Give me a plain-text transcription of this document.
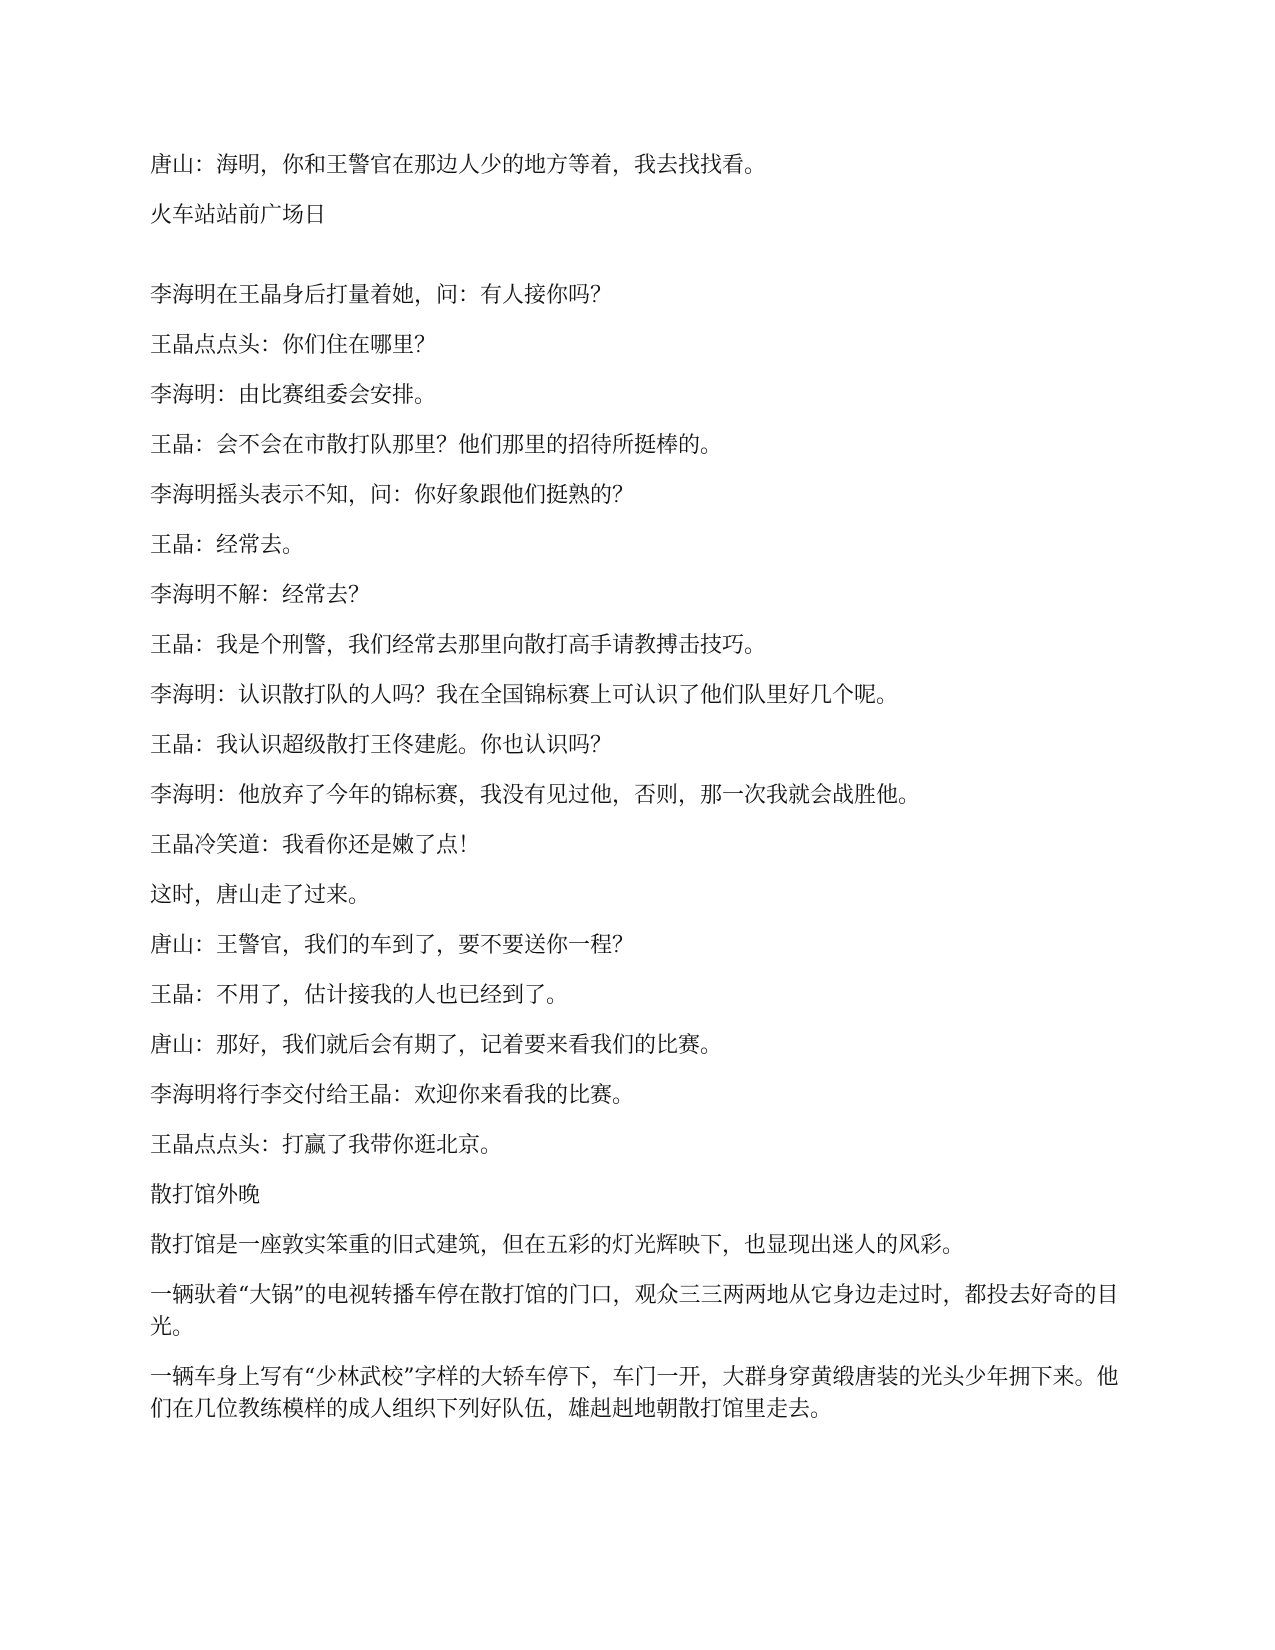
唐山：海明，你和王警官在那边人少的地方等着，我去找找看。

火车站站前广场日

李海明在王晶身后打量着她，问：有人接你吗？

王晶点点头：你们住在哪里？

李海明：由比赛组委会安排。

王晶：会不会在市散打队那里？他们那里的招待所挺棒的。

李海明摇头表示不知，问：你好象跟他们挺熟的？

王晶：经常去。

李海明不解：经常去？

王晶：我是个刑警，我们经常去那里向散打高手请教搏击技巧。

李海明：认识散打队的人吗？我在全国锦标赛上可认识了他们队里好几个呢。

王晶：我认识超级散打王佟建彪。你也认识吗？

李海明：他放弃了今年的锦标赛，我没有见过他，否则，那一次我就会战胜他。

王晶冷笑道：我看你还是嫩了点！

这时，唐山走了过来。

唐山：王警官，我们的车到了，要不要送你一程？

王晶：不用了，估计接我的人也已经到了。

唐山：那好，我们就后会有期了，记着要来看我们的比赛。

李海明将行李交付给王晶：欢迎你来看我的比赛。

王晶点点头：打赢了我带你逛北京。

散打馆外晚

散打馆是一座敦实笨重的旧式建筑，但在五彩的灯光辉映下，也显现出迷人的风彩。

一辆驮着“大锅”的电视转播车停在散打馆的门口，观众三三两两地从它身边走过时，都投去好奇的目光。

一辆车身上写有“少林武校”字样的大轿车停下，车门一开，大群身穿黄缎唐装的光头少年拥下来。他们在几位教练模样的成人组织下列好队伍，雄赳赳地朝散打馆里走去。
